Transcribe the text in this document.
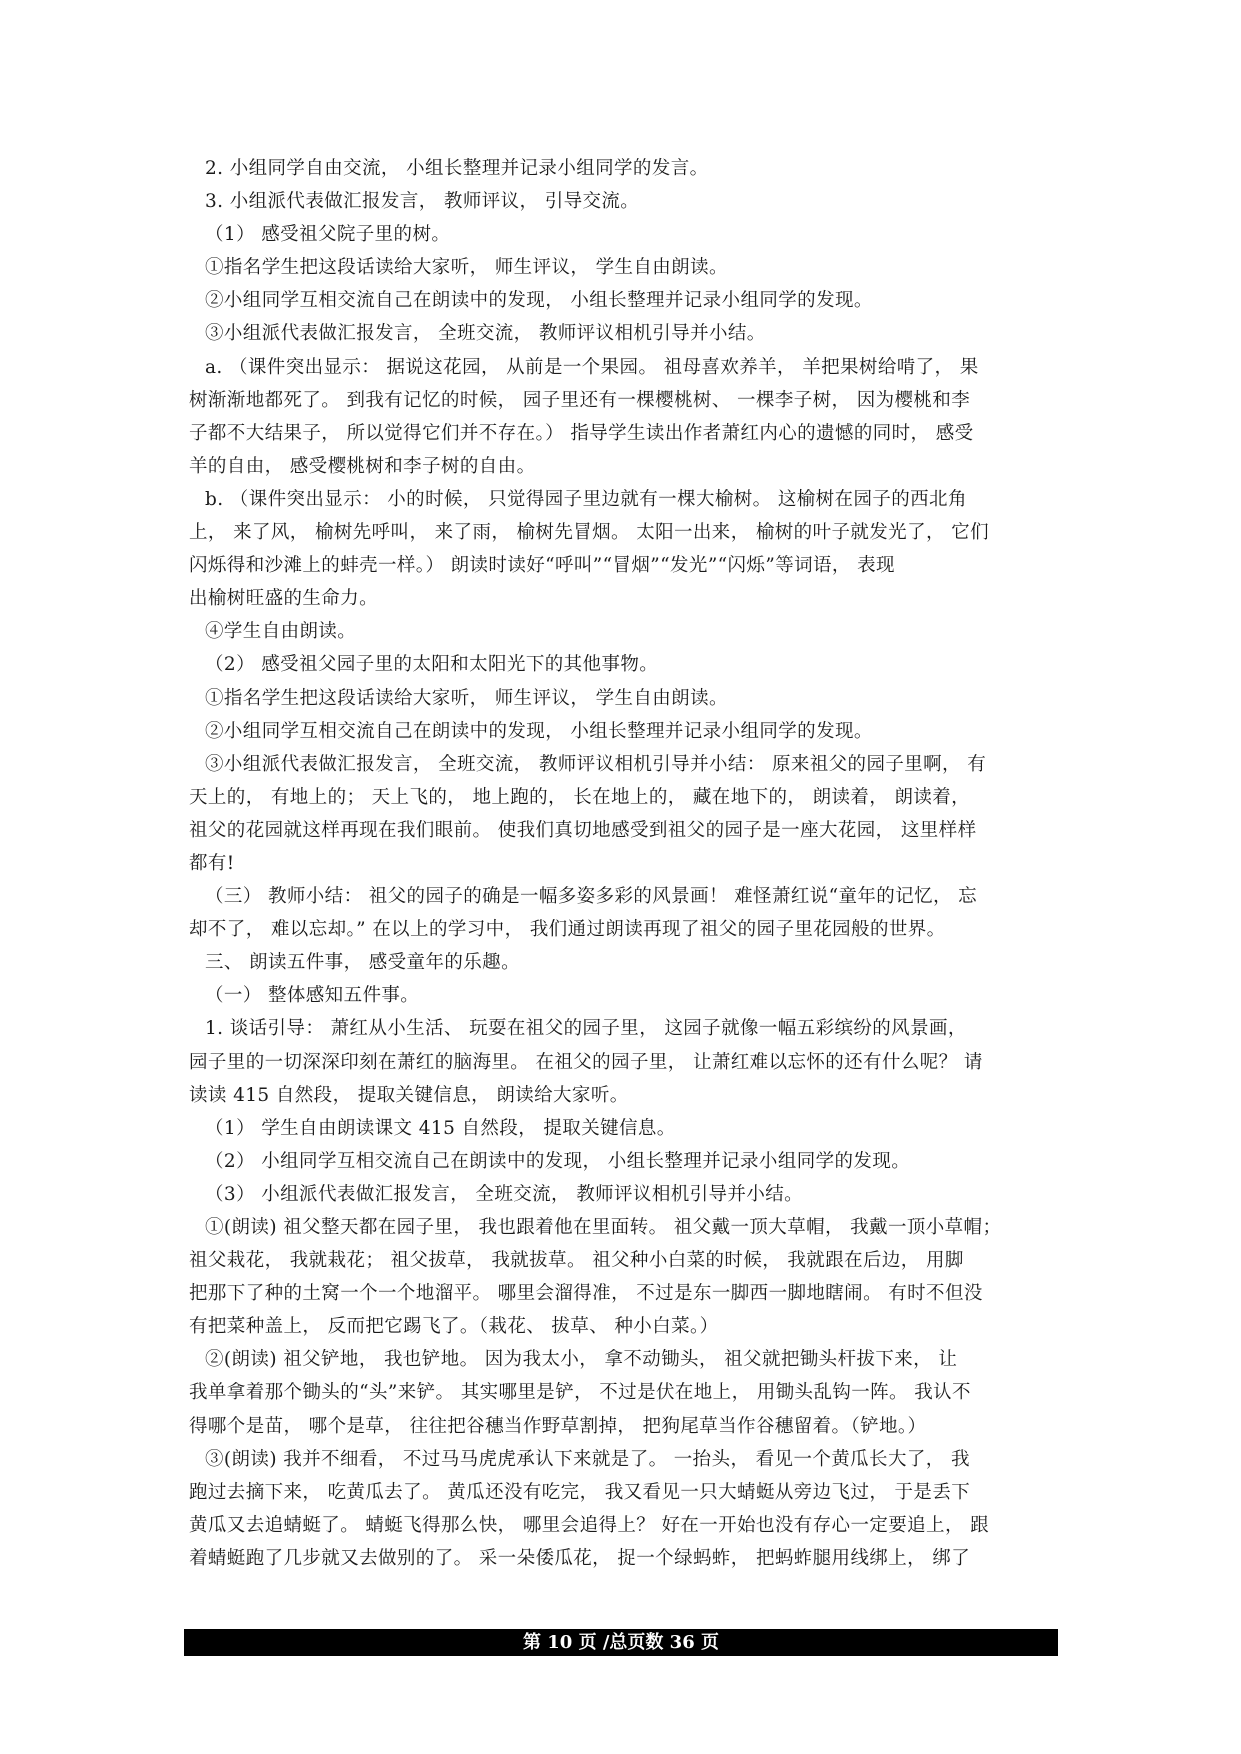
2. 小组同学自由交流， 小组长整理并记录小组同学的发言。
3. 小组派代表做汇报发言， 教师评议， 引导交流。
（1） 感受祖父院子里的树。
①指名学生把这段话读给大家听， 师生评议， 学生自由朗读。
②小组同学互相交流自己在朗读中的发现， 小组长整理并记录小组同学的发现。
③小组派代表做汇报发言， 全班交流， 教师评议相机引导并小结。
a. （课件突出显示： 据说这花园， 从前是一个果园。 祖母喜欢养羊， 羊把果树给啃了， 果
树渐渐地都死了。 到我有记忆的时候， 园子里还有一棵樱桃树、 一棵李子树， 因为樱桃和李
子都不大结果子， 所以觉得它们并不存在。） 指导学生读出作者萧红内心的遗憾的同时， 感受
羊的自由， 感受樱桃树和李子树的自由。
b. （课件突出显示： 小的时候， 只觉得园子里边就有一棵大榆树。 这榆树在园子的西北角
上， 来了风， 榆树先呼叫， 来了雨， 榆树先冒烟。 太阳一出来， 榆树的叶子就发光了， 它们
闪烁得和沙滩上的蚌壳一样。） 朗读时读好“呼叫”“冒烟”“发光”“闪烁”等词语， 表现
出榆树旺盛的生命力。
④学生自由朗读。
（2） 感受祖父园子里的太阳和太阳光下的其他事物。
①指名学生把这段话读给大家听， 师生评议， 学生自由朗读。
②小组同学互相交流自己在朗读中的发现， 小组长整理并记录小组同学的发现。
③小组派代表做汇报发言， 全班交流， 教师评议相机引导并小结： 原来祖父的园子里啊， 有
天上的， 有地上的； 天上飞的， 地上跑的， 长在地上的， 藏在地下的， 朗读着， 朗读着，
祖父的花园就这样再现在我们眼前。 使我们真切地感受到祖父的园子是一座大花园， 这里样样
都有!
（三） 教师小结： 祖父的园子的确是一幅多姿多彩的风景画！ 难怪萧红说“童年的记忆， 忘
却不了， 难以忘却。” 在以上的学习中， 我们通过朗读再现了祖父的园子里花园般的世界。
三、 朗读五件事， 感受童年的乐趣。
（一） 整体感知五件事。
1. 谈话引导： 萧红从小生活、 玩耍在祖父的园子里， 这园子就像一幅五彩缤纷的风景画，
园子里的一切深深印刻在萧红的脑海里。 在祖父的园子里， 让萧红难以忘怀的还有什么呢？ 请
读读 415 自然段， 提取关键信息， 朗读给大家听。
（1） 学生自由朗读课文 415 自然段， 提取关键信息。
（2） 小组同学互相交流自己在朗读中的发现， 小组长整理并记录小组同学的发现。
（3） 小组派代表做汇报发言， 全班交流， 教师评议相机引导并小结。
①(朗读) 祖父整天都在园子里， 我也跟着他在里面转。 祖父戴一顶大草帽， 我戴一顶小草帽；
祖父栽花， 我就栽花； 祖父拔草， 我就拔草。 祖父种小白菜的时候， 我就跟在后边， 用脚
把那下了种的土窝一个一个地溜平。 哪里会溜得准， 不过是东一脚西一脚地瞎闹。 有时不但没
有把菜种盖上， 反而把它踢飞了。（栽花、 拔草、 种小白菜。）
②(朗读) 祖父铲地， 我也铲地。 因为我太小， 拿不动锄头， 祖父就把锄头杆拔下来， 让
我单拿着那个锄头的“头”来铲。 其实哪里是铲， 不过是伏在地上， 用锄头乱钩一阵。 我认不
得哪个是苗， 哪个是草， 往往把谷穗当作野草割掉， 把狗尾草当作谷穗留着。（铲地。）
③(朗读) 我并不细看， 不过马马虎虎承认下来就是了。 一抬头， 看见一个黄瓜长大了， 我
跑过去摘下来， 吃黄瓜去了。 黄瓜还没有吃完， 我又看见一只大蜻蜓从旁边飞过， 于是丢下
黄瓜又去追蜻蜓了。 蜻蜓飞得那么快， 哪里会追得上？ 好在一开始也没有存心一定要追上， 跟
着蜻蜓跑了几步就又去做别的了。 采一朵倭瓜花， 捉一个绿蚂蚱， 把蚂蚱腿用线绑上， 绑了
第 10 页 /总页数 36 页
